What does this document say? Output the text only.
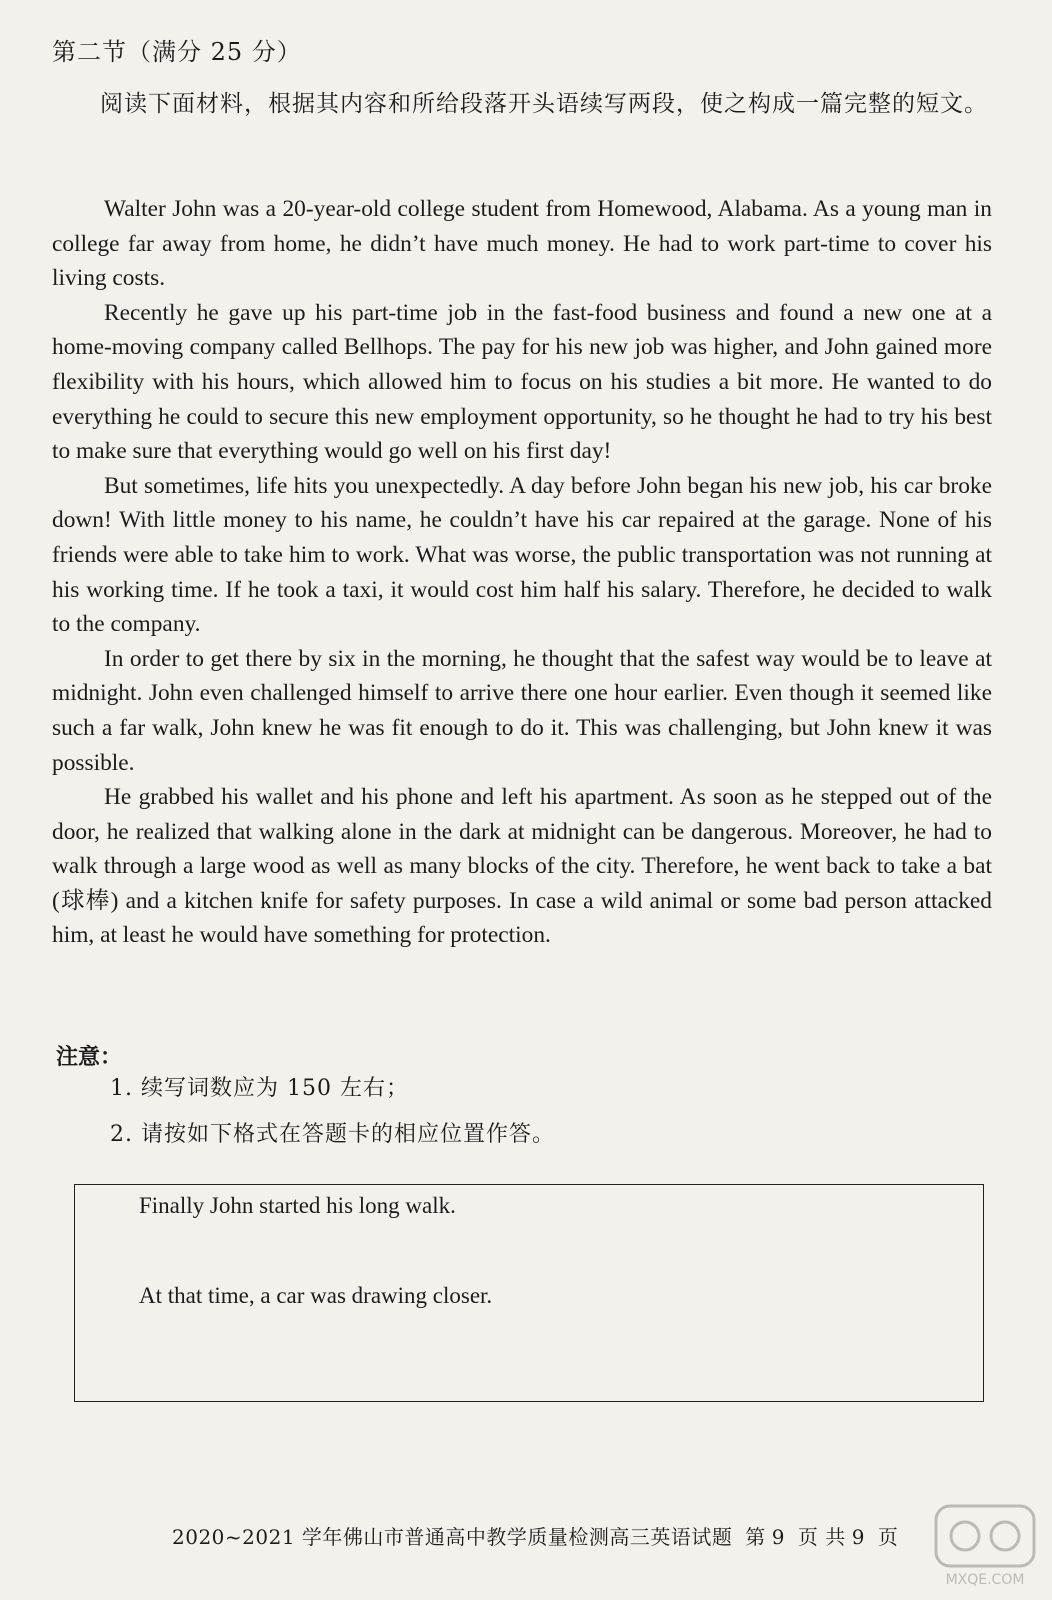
第二节（满分 25 分）
阅读下面材料，根据其内容和所给段落开头语续写两段，使之构成一篇完整的短文。

Walter John was a 20-year-old college student from Homewood, Alabama. As a young man in college far away from home, he didn’t have much money. He had to work part-time to cover his living costs.

Recently he gave up his part-time job in the fast-food business and found a new one at a home-moving company called Bellhops. The pay for his new job was higher, and John gained more flexibility with his hours, which allowed him to focus on his studies a bit more. He wanted to do everything he could to secure this new employment opportunity, so he thought he had to try his best to make sure that everything would go well on his first day!

But sometimes, life hits you unexpectedly. A day before John began his new job, his car broke down! With little money to his name, he couldn’t have his car repaired at the garage. None of his friends were able to take him to work. What was worse, the public transportation was not running at his working time. If he took a taxi, it would cost him half his salary. Therefore, he decided to walk to the company.

In order to get there by six in the morning, he thought that the safest way would be to leave at midnight. John even challenged himself to arrive there one hour earlier. Even though it seemed like such a far walk, John knew he was fit enough to do it. This was challenging, but John knew it was possible.

He grabbed his wallet and his phone and left his apartment. As soon as he stepped out of the door, he realized that walking alone in the dark at midnight can be dangerous. Moreover, he had to walk through a large wood as well as many blocks of the city. Therefore, he went back to take a bat (球棒) and a kitchen knife for safety purposes. In case a wild animal or some bad person attacked him, at least he would have something for protection.

注意：
1. 续写词数应为 150 左右；
2. 请按如下格式在答题卡的相应位置作答。
Finally John started his long walk.
At that time, a car was drawing closer.
2020~2021 学年佛山市普通高中教学质量检测高三英语试题 第 9 页 共 9 页
MXQE.COM
